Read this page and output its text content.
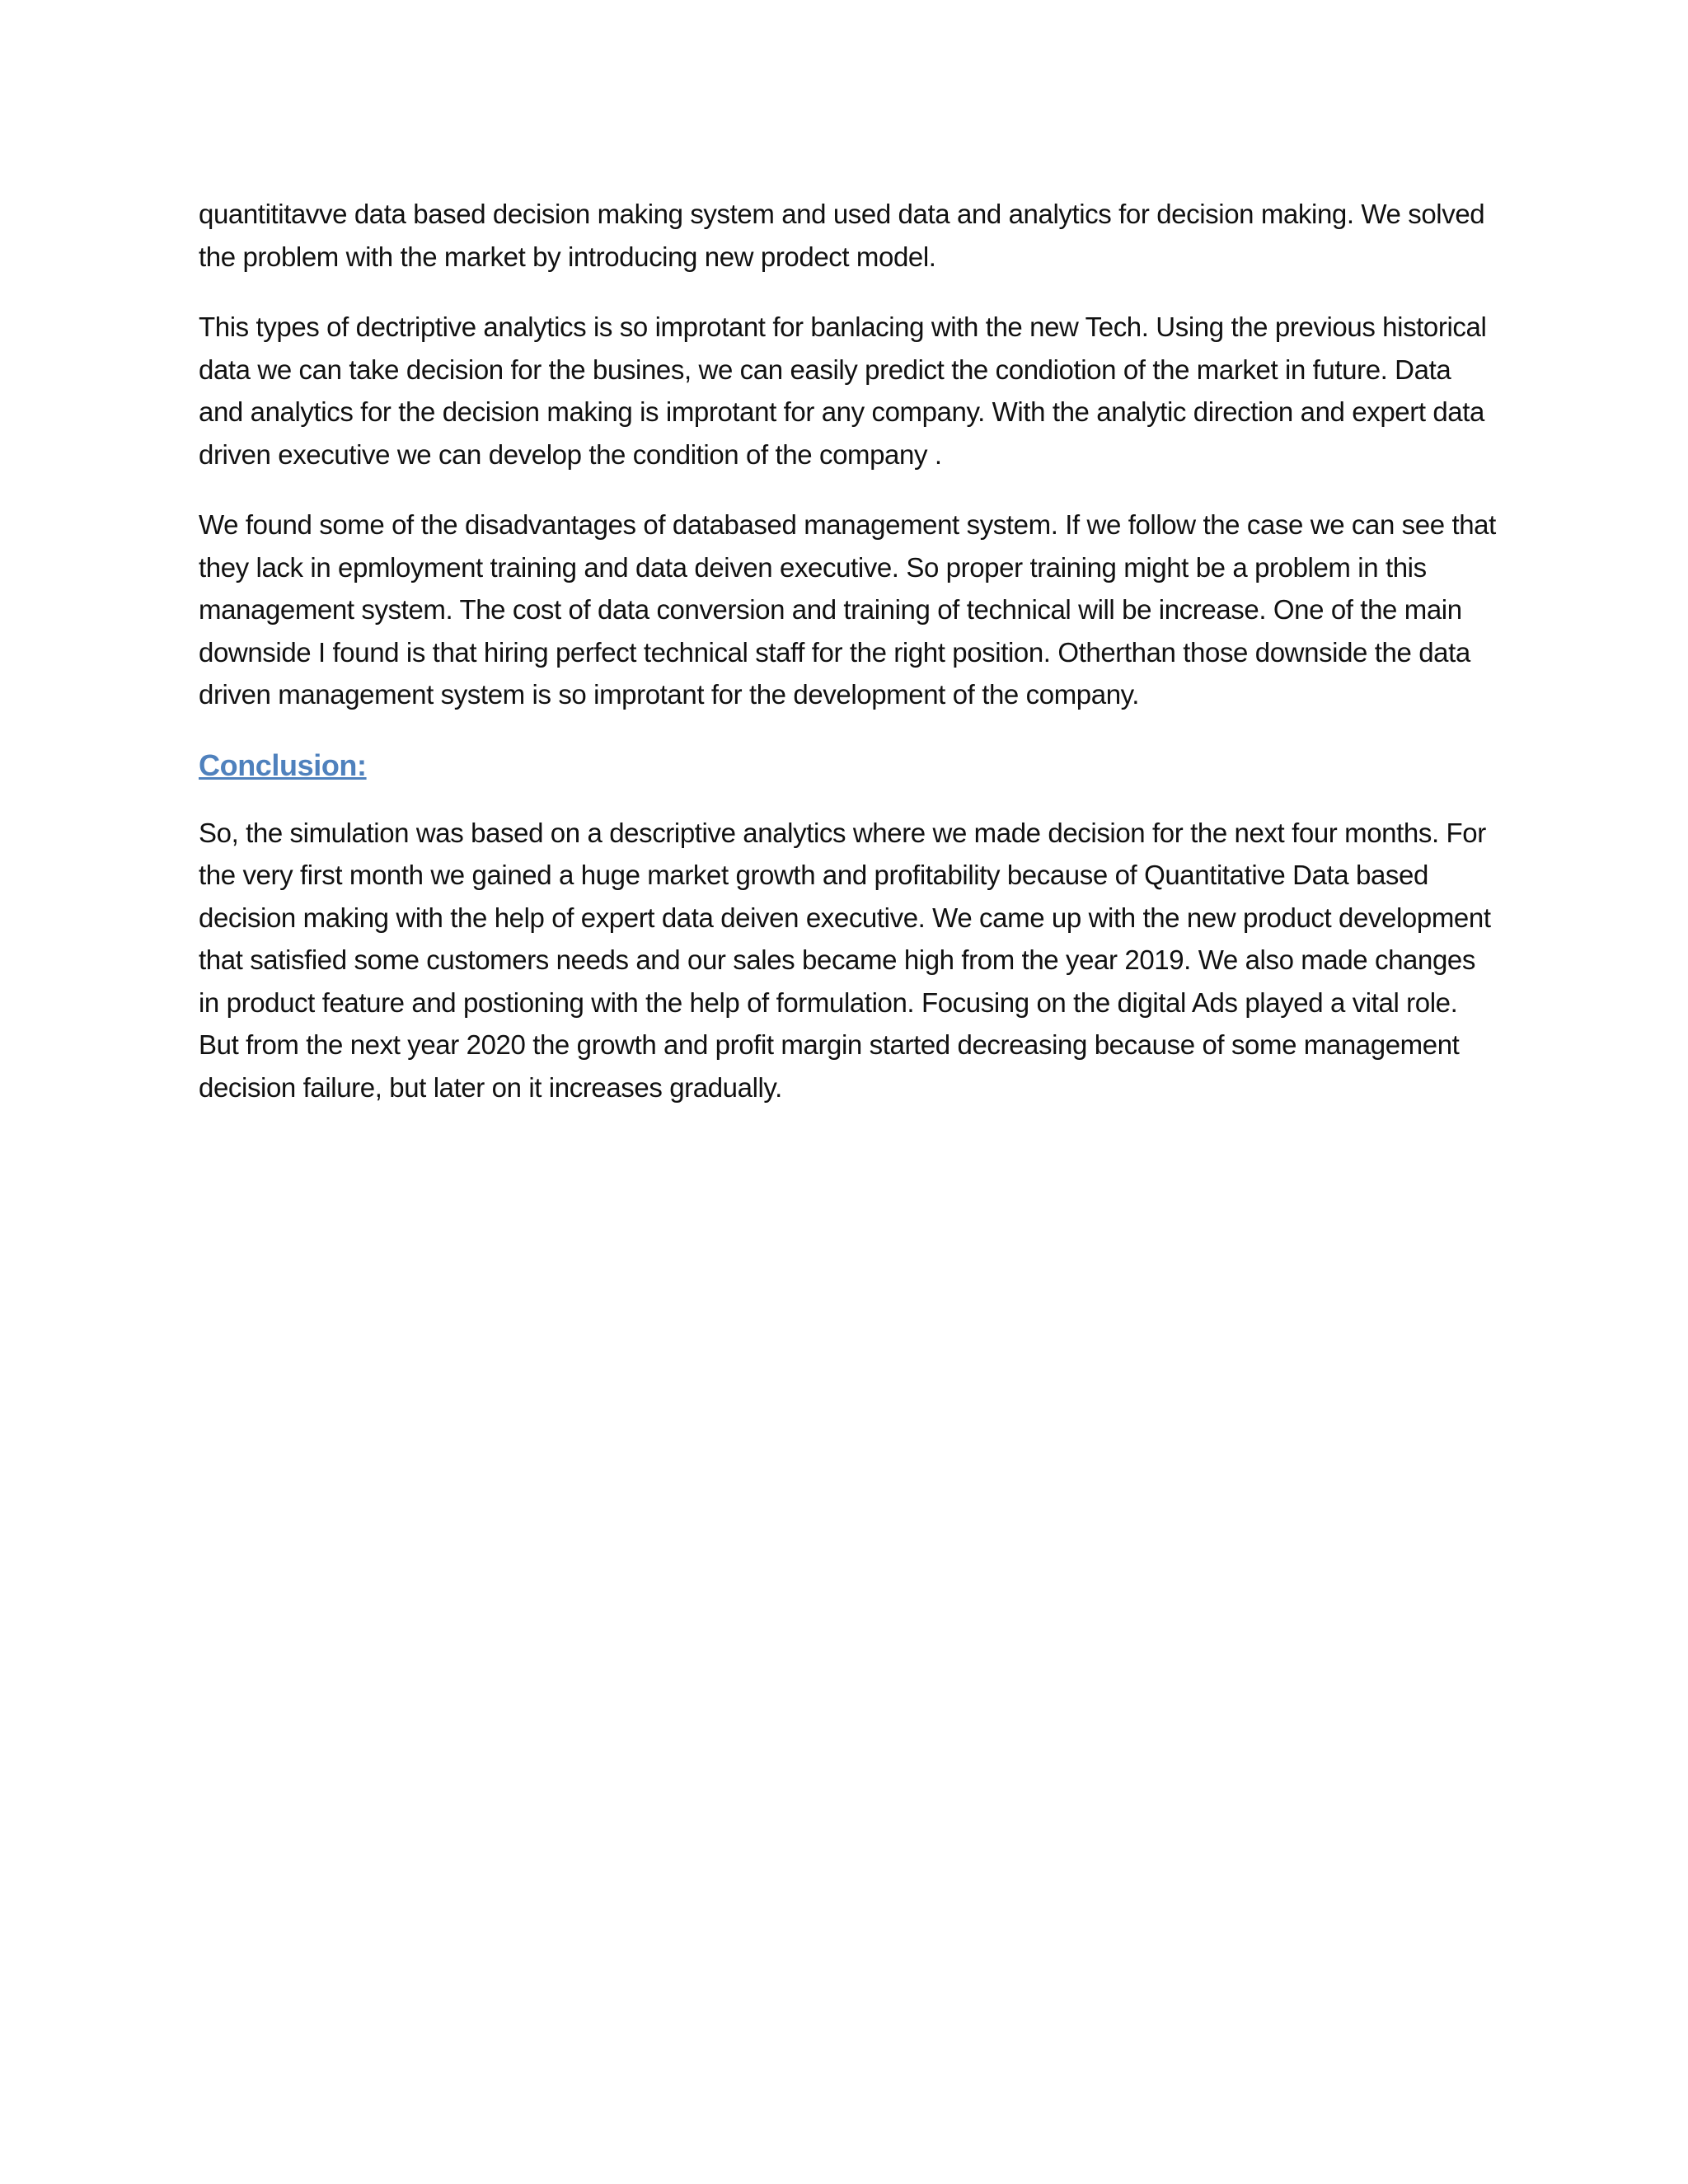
quantititavve data based decision making system and used data and analytics for decision making. We solved the problem with the market by introducing new prodect model.

This types of dectriptive analytics is so improtant for banlacing with the new Tech. Using the previous historical data we can take decision for the busines, we can easily predict the condiotion of the market in future. Data and analytics for the decision making is improtant for any company. With the analytic direction and expert data driven executive we can develop the condition of the company .

We found some of the disadvantages of databased management system. If we follow the case we can see that they lack in epmloyment training and data deiven executive. So proper training might be a problem in this management system. The cost of data conversion and training of technical will be increase. One of the main downside I found is that hiring perfect technical staff for the right position. Otherthan those downside the data driven management system is so improtant for the development of the company.

Conclusion:

So, the simulation was based on a descriptive analytics where we made decision for the next four months. For the very first month we gained a huge market growth and profitability because of Quantitative Data based decision making with the help of expert data deiven executive. We came up with the new product development that satisfied some customers needs and our sales became high from the year 2019. We also made changes in product feature and postioning with the help of formulation. Focusing on the digital Ads played a vital role. But from the next year 2020 the growth and profit margin started decreasing because of some management decision failure, but later on it increases gradually.
